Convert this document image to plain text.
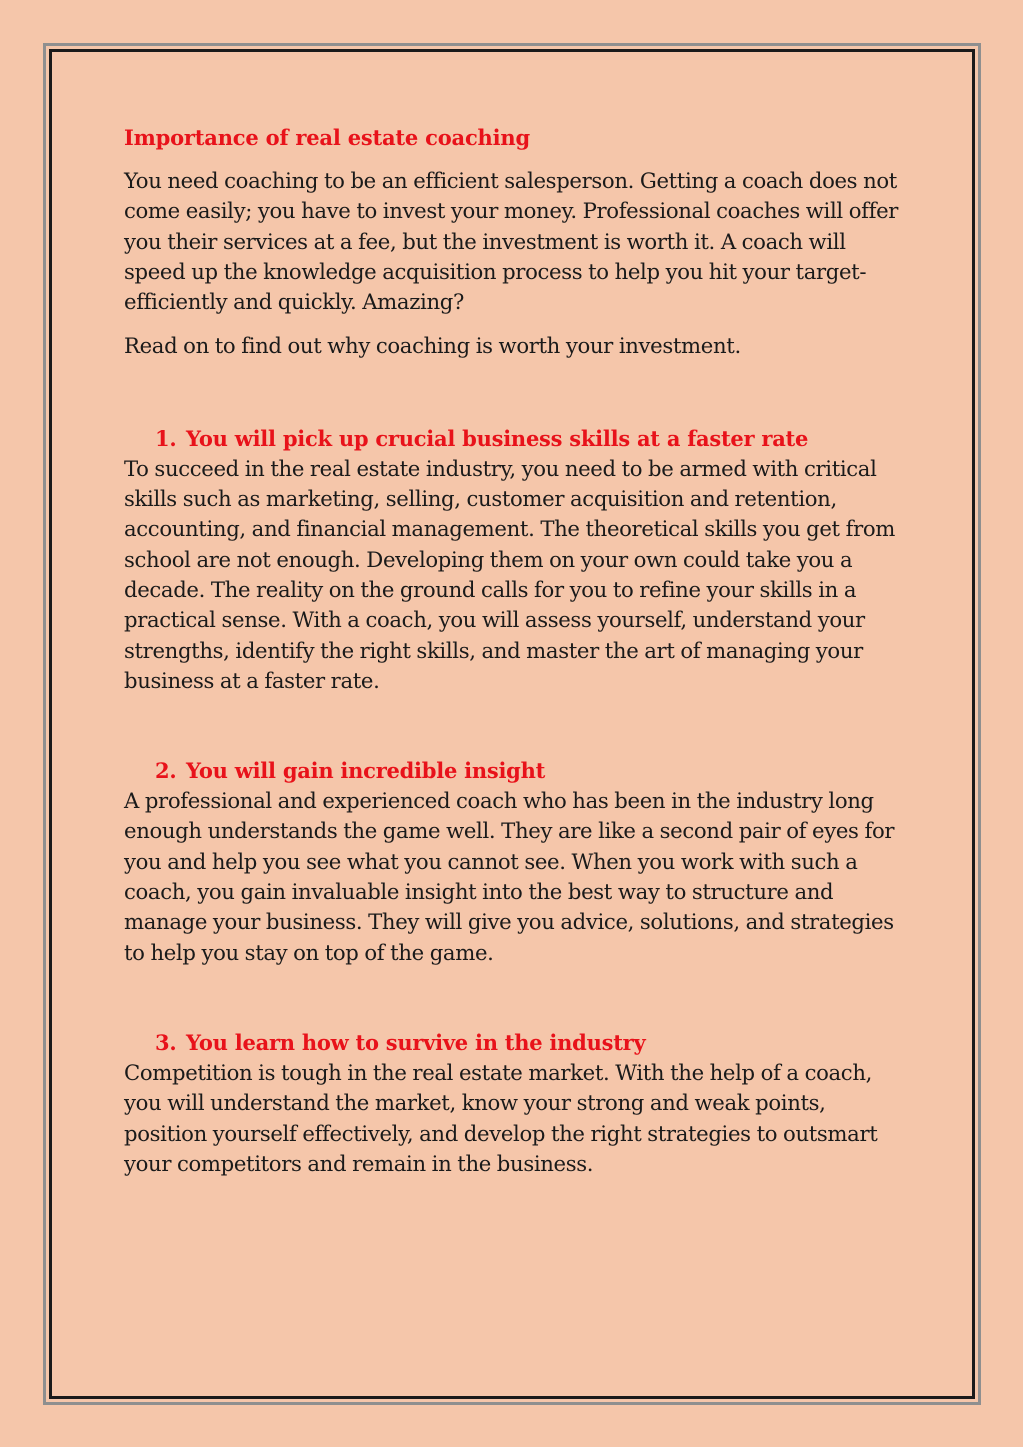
Importance of real estate coaching

You need coaching to be an efficient salesperson. Getting a coach does not come easily; you have to invest your money. Professional coaches will offer you their services at a fee, but the investment is worth it. A coach will speed up the knowledge acquisition process to help you hit your target- efficiently and quickly. Amazing?

Read on to find out why coaching is worth your investment.

1. You will pick up crucial business skills at a faster rate

To succeed in the real estate industry, you need to be armed with critical skills such as marketing, selling, customer acquisition and retention, accounting, and financial management. The theoretical skills you get from school are not enough. Developing them on your own could take you a decade. The reality on the ground calls for you to refine your skills in a practical sense. With a coach, you will assess yourself, understand your strengths, identify the right skills, and master the art of managing your business at a faster rate.

2. You will gain incredible insight

A professional and experienced coach who has been in the industry long enough understands the game well. They are like a second pair of eyes for you and help you see what you cannot see. When you work with such a coach, you gain invaluable insight into the best way to structure and manage your business. They will give you advice, solutions, and strategies to help you stay on top of the game.

3. You learn how to survive in the industry

Competition is tough in the real estate market. With the help of a coach, you will understand the market, know your strong and weak points, position yourself effectively, and develop the right strategies to outsmart your competitors and remain in the business.
